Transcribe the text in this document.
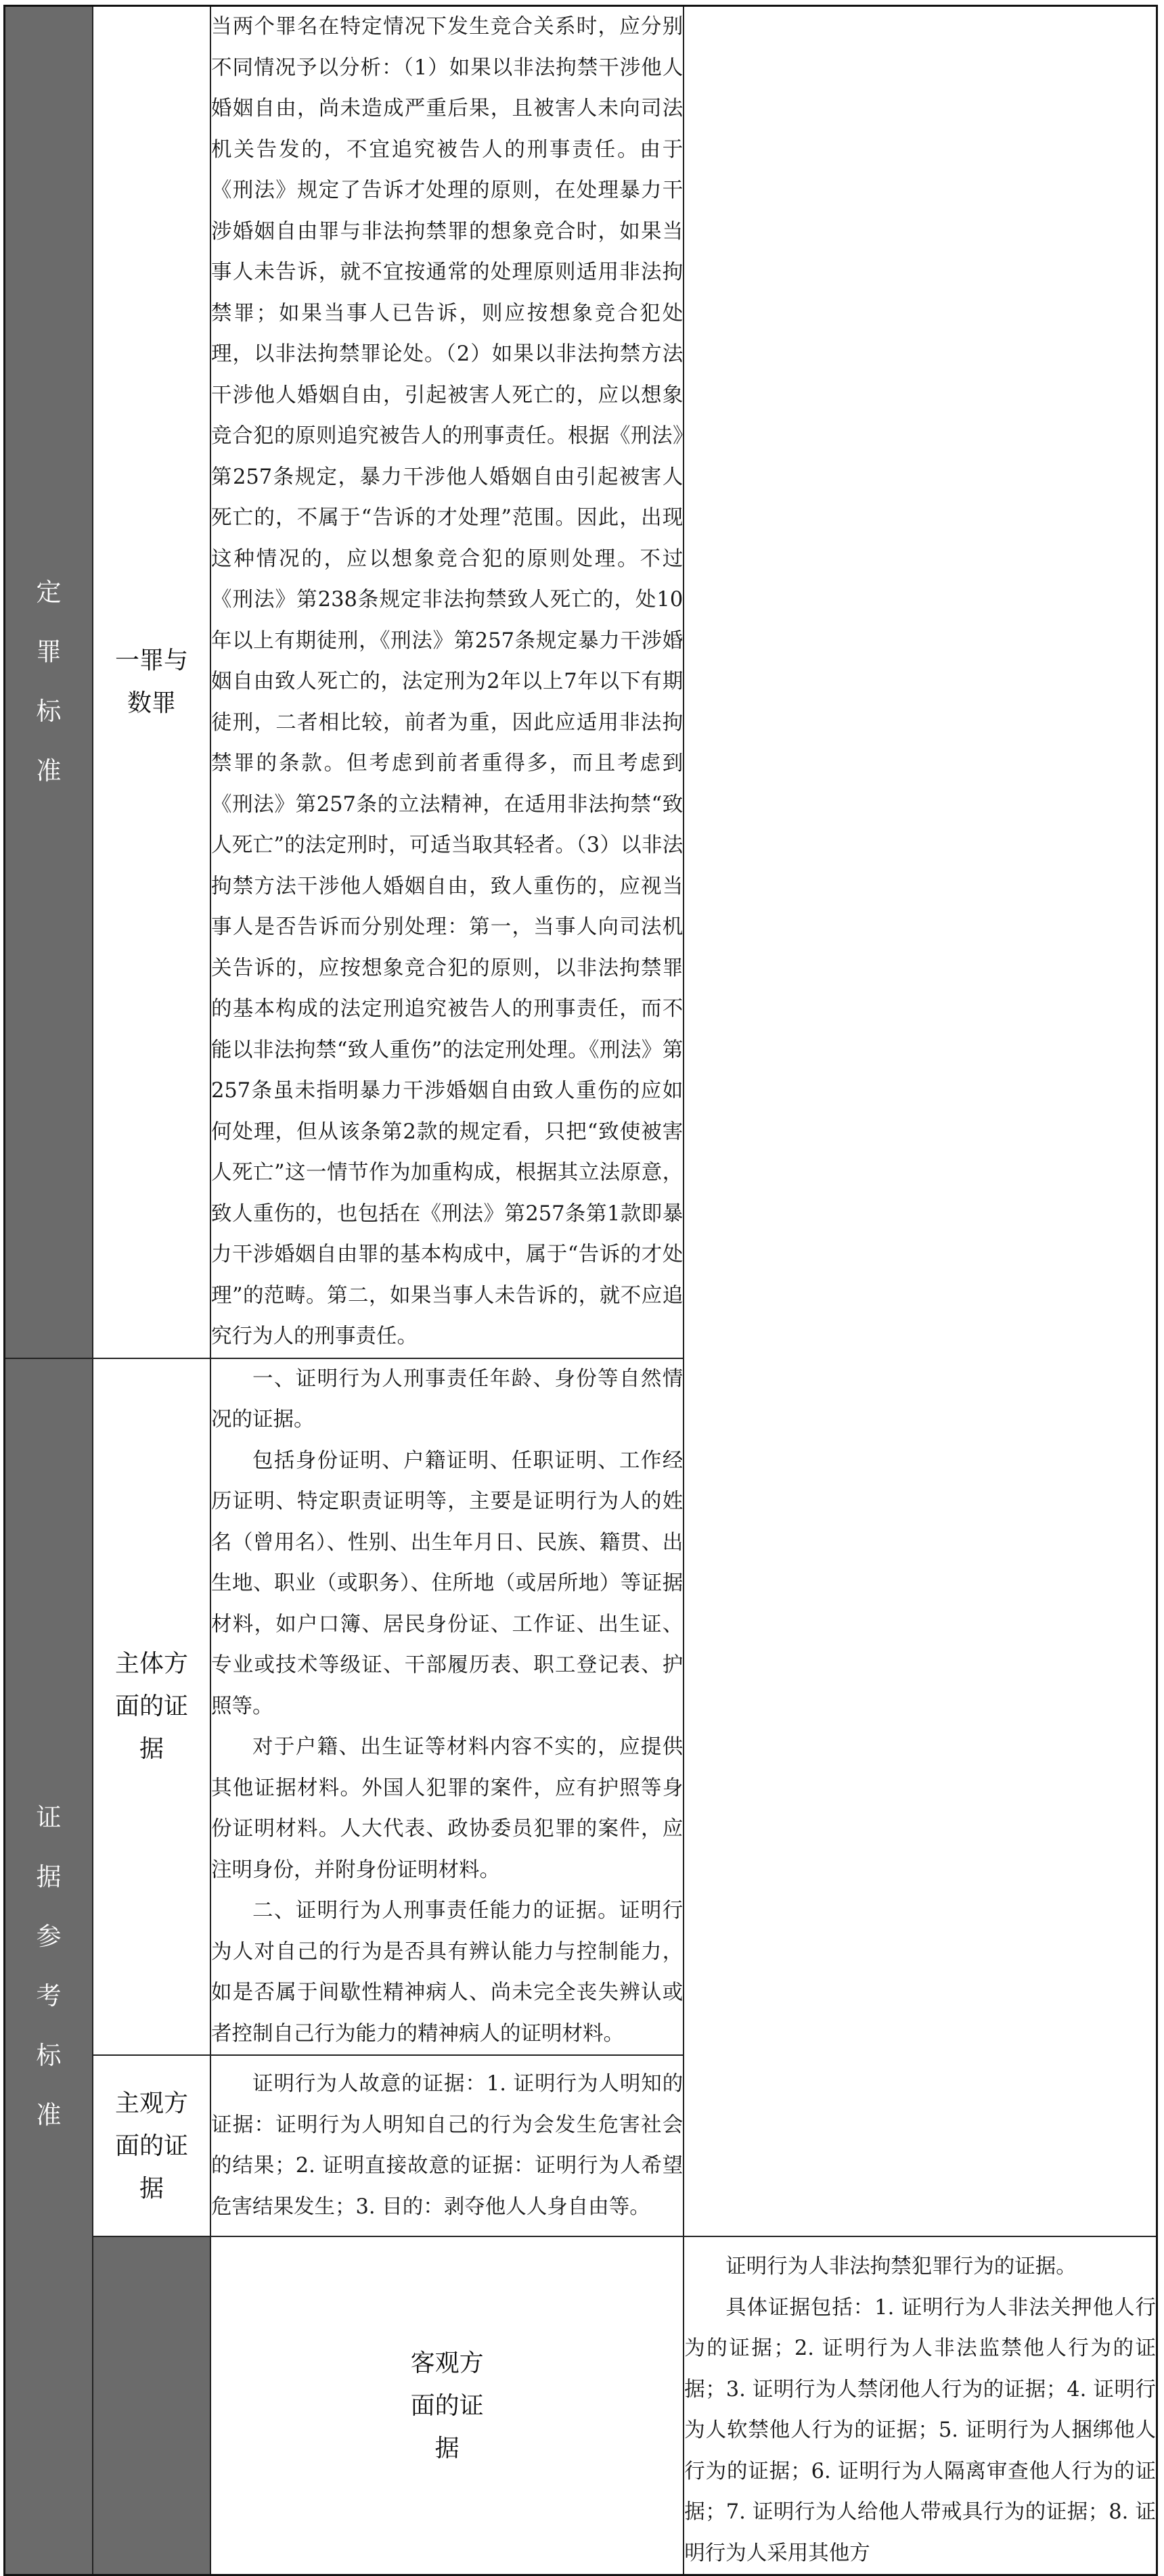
定罪标准	一罪与数罪	当两个罪名在特定情况下发生竞合关系时，应分别不同情况予以分析：（1）如果以非法拘禁干涉他人婚姻自由，尚未造成严重后果，且被害人未向司法机关告发的，不宜追究被告人的刑事责任。由于《刑法》规定了告诉才处理的原则，在处理暴力干涉婚姻自由罪与非法拘禁罪的想象竞合时，如果当事人未告诉，就不宜按通常的处理原则适用非法拘禁罪；如果当事人已告诉，则应按想象竞合犯处理，以非法拘禁罪论处。（2）如果以非法拘禁方法干涉他人婚姻自由，引起被害人死亡的，应以想象竞合犯的原则追究被告人的刑事责任。根据《刑法》第257条规定，暴力干涉他人婚姻自由引起被害人死亡的，不属于“告诉的才处理”范围。因此，出现这种情况的，应以想象竞合犯的原则处理。不过《刑法》第238条规定非法拘禁致人死亡的，处10年以上有期徒刑，《刑法》第257条规定暴力干涉婚姻自由致人死亡的，法定刑为2年以上7年以下有期徒刑，二者相比较，前者为重，因此应适用非法拘禁罪的条款。但考虑到前者重得多，而且考虑到《刑法》第257条的立法精神，在适用非法拘禁“致人死亡”的法定刑时，可适当取其轻者。（3）以非法拘禁方法干涉他人婚姻自由，致人重伤的，应视当事人是否告诉而分别处理：第一，当事人向司法机关告诉的，应按想象竞合犯的原则，以非法拘禁罪的基本构成的法定刑追究被告人的刑事责任，而不能以非法拘禁“致人重伤”的法定刑处理。《刑法》第257条虽未指明暴力干涉婚姻自由致人重伤的应如何处理，但从该条第2款的规定看，只把“致使被害人死亡”这一情节作为加重构成，根据其立法原意，致人重伤的，也包括在《刑法》第257条第1款即暴力干涉婚姻自由罪的基本构成中，属于“告诉的才处理”的范畴。第二，如果当事人未告诉的，就不应追究行为人的刑事责任。	

证据参考标准	主体方面的证据	一、证明行为人刑事责任年龄、身份等自然情况的证据。

包括身份证明、户籍证明、任职证明、工作经历证明、特定职责证明等，主要是证明行为人的姓名（曾用名）、性别、出生年月日、民族、籍贯、出生地、职业（或职务）、住所地（或居所地）等证据材料，如户口簿、居民身份证、工作证、出生证、专业或技术等级证、干部履历表、职工登记表、护照等。

对于户籍、出生证等材料内容不实的，应提供其他证据材料。外国人犯罪的案件，应有护照等身份证明材料。人大代表、政协委员犯罪的案件，应注明身份，并附身份证明材料。

二、证明行为人刑事责任能力的证据。证明行为人对自己的行为是否具有辨认能力与控制能力，如是否属于间歇性精神病人、尚未完全丧失辨认或者控制自己行为能力的精神病人的证明材料。	

	主观方面的证据	证明行为人故意的证据：1. 证明行为人明知的证据：证明行为人明知自己的行为会发生危害社会的结果；2. 证明直接故意的证据：证明行为人希望危害结果发生；3. 目的：剥夺他人人身自由等。	

		客观方面的证据	证明行为人非法拘禁犯罪行为的证据。

具体证据包括：1. 证明行为人非法关押他人行为的证据；2. 证明行为人非法监禁他人行为的证据；3. 证明行为人禁闭他人行为的证据；4. 证明行为人软禁他人行为的证据；5. 证明行为人捆绑他人行为的证据；6. 证明行为人隔离审查他人行为的证据；7. 证明行为人给他人带戒具行为的证据；8. 证明行为人采用其他方
